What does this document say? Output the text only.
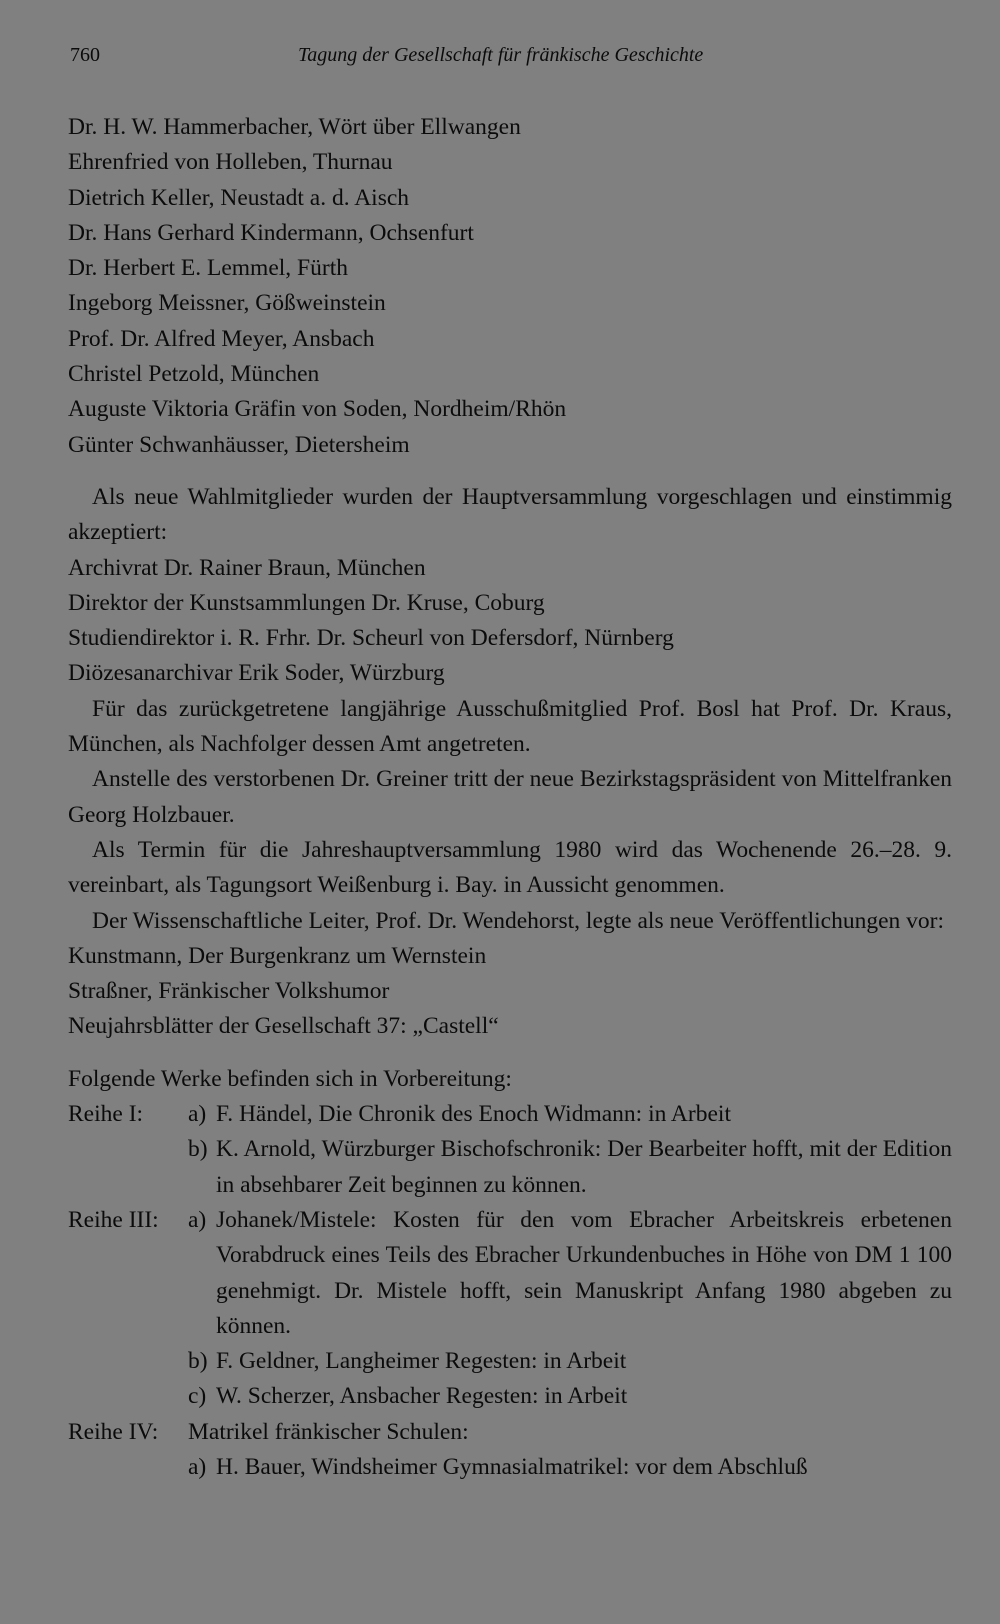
760	Tagung der Gesellschaft für fränkische Geschichte
Dr. H. W. Hammerbacher, Wört über Ellwangen
Ehrenfried von Holleben, Thurnau
Dietrich Keller, Neustadt a. d. Aisch
Dr. Hans Gerhard Kindermann, Ochsenfurt
Dr. Herbert E. Lemmel, Fürth
Ingeborg Meissner, Gößweinstein
Prof. Dr. Alfred Meyer, Ansbach
Christel Petzold, München
Auguste Viktoria Gräfin von Soden, Nordheim/Rhön
Günter Schwanhäusser, Dietersheim
Als neue Wahlmitglieder wurden der Hauptversammlung vorgeschlagen und einstimmig akzeptiert:
Archivrat Dr. Rainer Braun, München
Direktor der Kunstsammlungen Dr. Kruse, Coburg
Studiendirektor i. R. Frhr. Dr. Scheurl von Defersdorf, Nürnberg
Diözesanarchivar Erik Soder, Würzburg
Für das zurückgetretene langjährige Ausschußmitglied Prof. Bosl hat Prof. Dr. Kraus, München, als Nachfolger dessen Amt angetreten.
Anstelle des verstorbenen Dr. Greiner tritt der neue Bezirkstagspräsident von Mittelfranken Georg Holzbauer.
Als Termin für die Jahreshauptversammlung 1980 wird das Wochenende 26.–28. 9. vereinbart, als Tagungsort Weißenburg i. Bay. in Aussicht genommen.
Der Wissenschaftliche Leiter, Prof. Dr. Wendehorst, legte als neue Veröffentlichungen vor:
Kunstmann, Der Burgenkranz um Wernstein
Straßner, Fränkischer Volkshumor
Neujahrsblätter der Gesellschaft 37: „Castell“
Folgende Werke befinden sich in Vorbereitung:
Reihe I:	a) F. Händel, Die Chronik des Enoch Widmann: in Arbeit
b) K. Arnold, Würzburger Bischofschronik: Der Bearbeiter hofft, mit der Edition in absehbarer Zeit beginnen zu können.
Reihe III:	a) Johanek/Mistele: Kosten für den vom Ebracher Arbeitskreis erbetenen Vorabdruck eines Teils des Ebracher Urkundenbuches in Höhe von DM 1 100 genehmigt. Dr. Mistele hofft, sein Manuskript Anfang 1980 abgeben zu können.
b) F. Geldner, Langheimer Regesten: in Arbeit
c) W. Scherzer, Ansbacher Regesten: in Arbeit
Reihe IV:	Matrikel fränkischer Schulen:
a) H. Bauer, Windsheimer Gymnasialmatrikel: vor dem Abschluß
